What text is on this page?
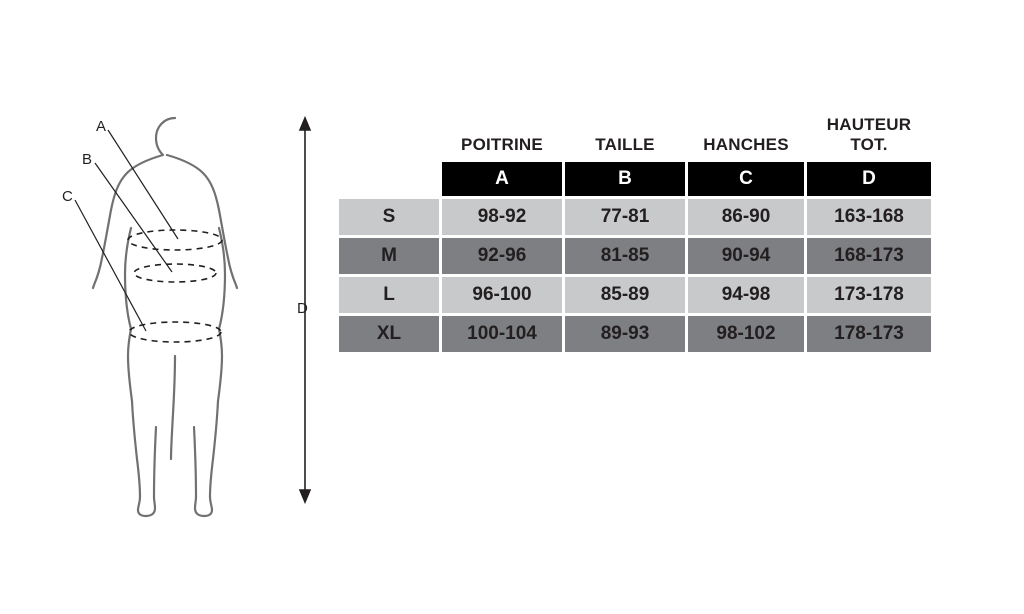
A
B
C
D
	POITRINE	TAILLE	HANCHES	HAUTEUR TOT.
	A	B	C	D
S	98-92	77-81	86-90	163-168
M	92-96	81-85	90-94	168-173
L	96-100	85-89	94-98	173-178
XL	100-104	89-93	98-102	178-173
